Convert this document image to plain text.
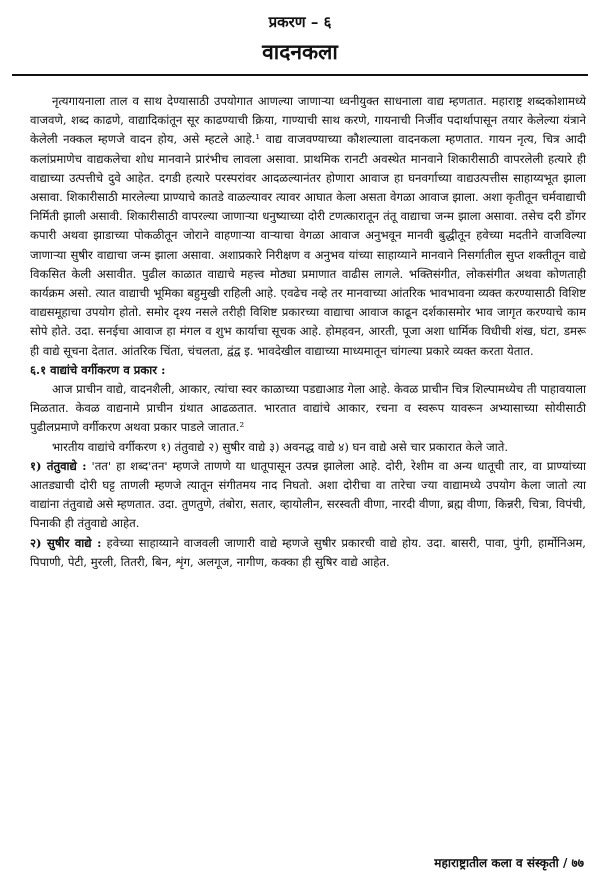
प्रकरण – ६
वादनकला

नृत्यगायनाला ताल व साथ देण्यासाठी उपयोगात आणल्या जाणाऱ्या ध्वनीयुक्त साधनाला वाद्य म्हणतात. महाराष्ट्र शब्दकोशामध्ये वाजवणे, शब्द काढणे, वाद्यादिकांतून सूर काढण्याची क्रिया, गाण्याची साथ करणे, गायनाची निर्जीव पदार्थापासून तयार केलेल्या यंत्राने केलेली नक्कल म्हणजे वादन होय, असे म्हटले आहे.¹ वाद्य वाजवण्याच्या कौशल्याला वादनकला म्हणतात. गायन नृत्य, चित्र आदी कलांप्रमाणेच वाद्यकलेचा शोध मानवाने प्रारंभीच लावला असावा. प्राथमिक रानटी अवस्थेत मानवाने शिकारीसाठी वापरलेली हत्यारे ही वाद्याच्या उत्पत्तीचे दुवे आहेत. दगडी हत्यारे परस्परांवर आदळल्यानंतर होणारा आवाज हा घनवर्गाच्या वाद्यउत्पत्तीस साहाय्यभूत झाला असावा. शिकारीसाठी मारलेल्या प्राण्याचे कातडे वाळल्यावर त्यावर आघात केला असता वेगळा आवाज झाला. अशा कृतीतून चर्मवाद्याची निर्मिती झाली असावी. शिकारीसाठी वापरल्या जाणाऱ्या धनुष्याच्या दोरी टणत्कारातून तंतू वाद्याचा जन्म झाला असावा. तसेच दरी डोंगर कपारी अथवा झाडाच्या पोकळीतून जोराने वाहणाऱ्या वाऱ्याचा वेगळा आवाज अनुभवून मानवी बुद्धीतून हवेच्या मदतीने वाजविल्या जाणाऱ्या सुषीर वाद्याचा जन्म झाला असावा. अशाप्रकारे निरीक्षण व अनुभव यांच्या साहाय्याने मानवाने निसर्गातील सुप्त शक्तीतून वाद्ये विकसित केली असावीत. पुढील काळात वाद्याचे महत्त्व मोठ्या प्रमाणात वाढीस लागले. भक्तिसंगीत, लोकसंगीत अथवा कोणताही कार्यक्रम असो. त्यात वाद्याची भूमिका बहुमुखी राहिली आहे. एवढेच नव्हे तर मानवाच्या आंतरिक भावभावना व्यक्त करण्यासाठी विशिष्ट वाद्यसमूहाचा उपयोग होतो. समोर दृश्य नसले तरीही विशिष्ट प्रकारच्या वाद्याचा आवाज काढून दर्शकासमोर भाव जागृत करण्याचे काम सोपे होते. उदा. सनईचा आवाज हा मंगल व शुभ कार्याचा सूचक आहे. होमहवन, आरती, पूजा अशा धार्मिक विधीची शंख, घंटा, डमरू ही वाद्ये सूचना देतात. आंतरिक चिंता, चंचलता, द्वंद्व इ. भावदेखील वाद्याच्या माध्यमातून चांगल्या प्रकारे व्यक्त करता येतात.

६.१ वाद्यांचे वर्गीकरण व प्रकार :

आज प्राचीन वाद्ये, वादनशैली, आकार, त्यांचा स्वर काळाच्या पडद्याआड गेला आहे. केवळ प्राचीन चित्र शिल्पामध्येच ती पाहावयाला मिळतात. केवळ वाद्यनामे प्राचीन ग्रंथात आढळतात. भारतात वाद्यांचे आकार, रचना व स्वरूप यावरून अभ्यासाच्या सोयीसाठी पुढीलप्रमाणे वर्गीकरण अथवा प्रकार पाडले जातात.²

भारतीय वाद्यांचे वर्गीकरण १) तंतुवाद्ये २) सुषीर वाद्ये ३) अवनद्ध वाद्ये ४) घन वाद्ये असे चार प्रकारात केले जाते.

१) तंतुवाद्ये : 'तत' हा शब्द'तन' म्हणजे ताणणे या धातूपासून उत्पन्न झालेला आहे. दोरी, रेशीम वा अन्य धातूची तार, वा प्राण्यांच्या आतड्याची दोरी घट्ट ताणली म्हणजे त्यातून संगीतमय नाद निघतो. अशा दोरीचा वा तारेचा ज्या वाद्यामध्ये उपयोग केला जातो त्या वाद्यांना तंतुवाद्ये असे म्हणतात. उदा. तुणतुणे, तंबोरा, सतार, व्हायोलीन, सरस्वती वीणा, नारदी वीणा, ब्रह्म वीणा, किन्नरी, चित्रा, विपंची, पिनाकी ही तंतुवाद्ये आहेत.

२) सुषीर वाद्ये : हवेच्या साहाय्याने वाजवली जाणारी वाद्ये म्हणजे सुषीर प्रकारची वाद्ये होय. उदा. बासरी, पावा, पुंगी, हार्मोनिअम, पिपाणी, पेटी, मुरली, तितरी, बिन, शृंग, अलगूज, नागीण, कक्का ही सुषिर वाद्ये आहेत.

महाराष्ट्रातील कला व संस्कृती / ७७
